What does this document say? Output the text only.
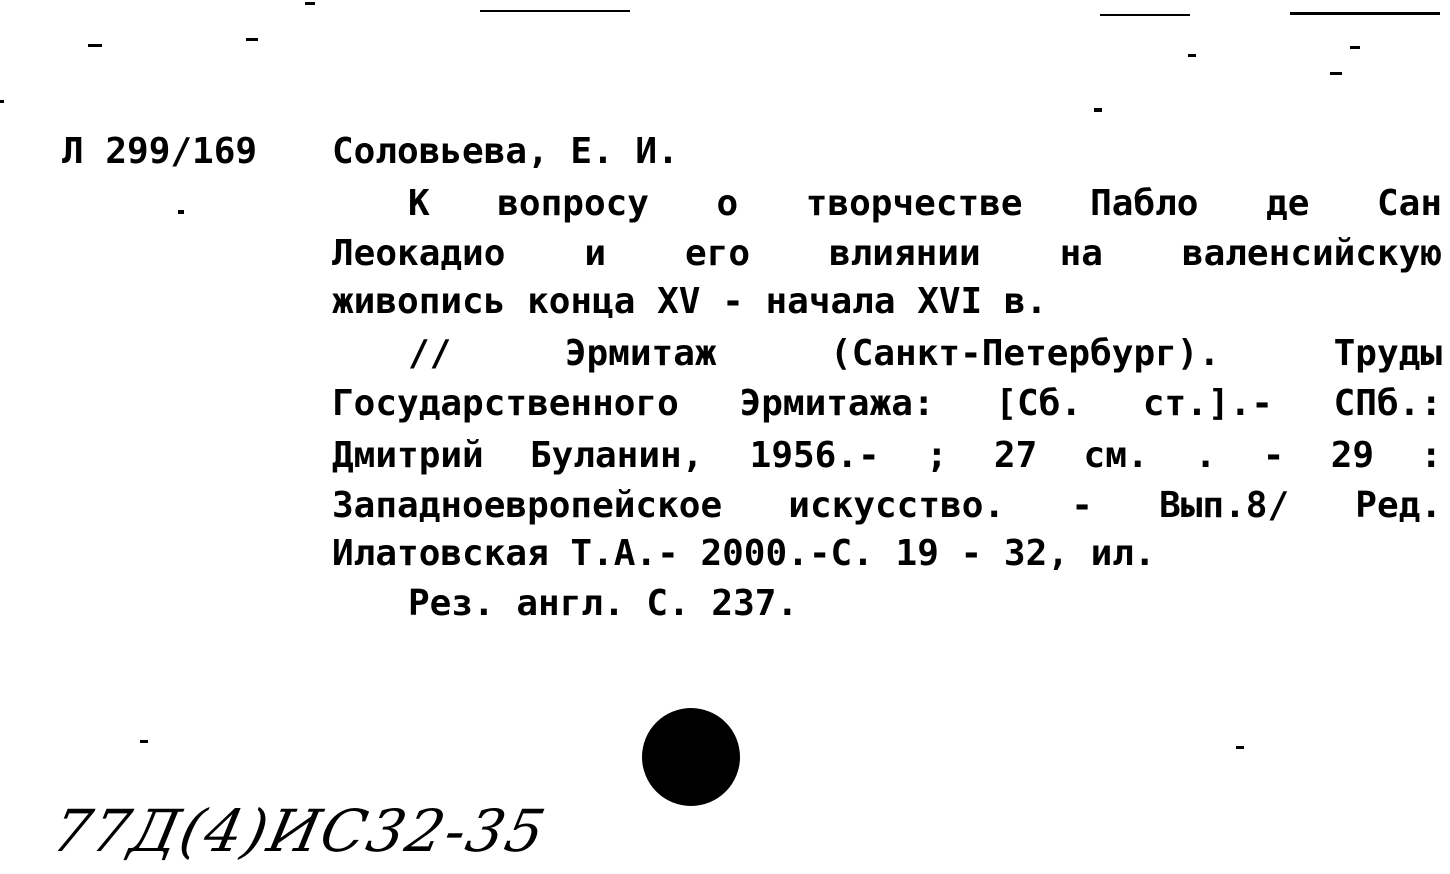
Л 299/169 Соловьева, Е. И.
К вопросу о творчестве Пабло де Сан
Леокадио и его влиянии на валенсийскую
живопись конца XV - начала XVI в.
// Эрмитаж (Санкт-Петербург). Труды
Государственного Эрмитажа: [Сб. ст.].- СПб.:
Дмитрий Буланин, 1956.- ; 27 см. . - 29 :
Западноевропейское искусство. - Вып.8/ Ред.
Илатовская Т.А.- 2000.-С. 19 - 32, ил.
Рез. англ. С. 237.
77Д(4)ИС32-35
